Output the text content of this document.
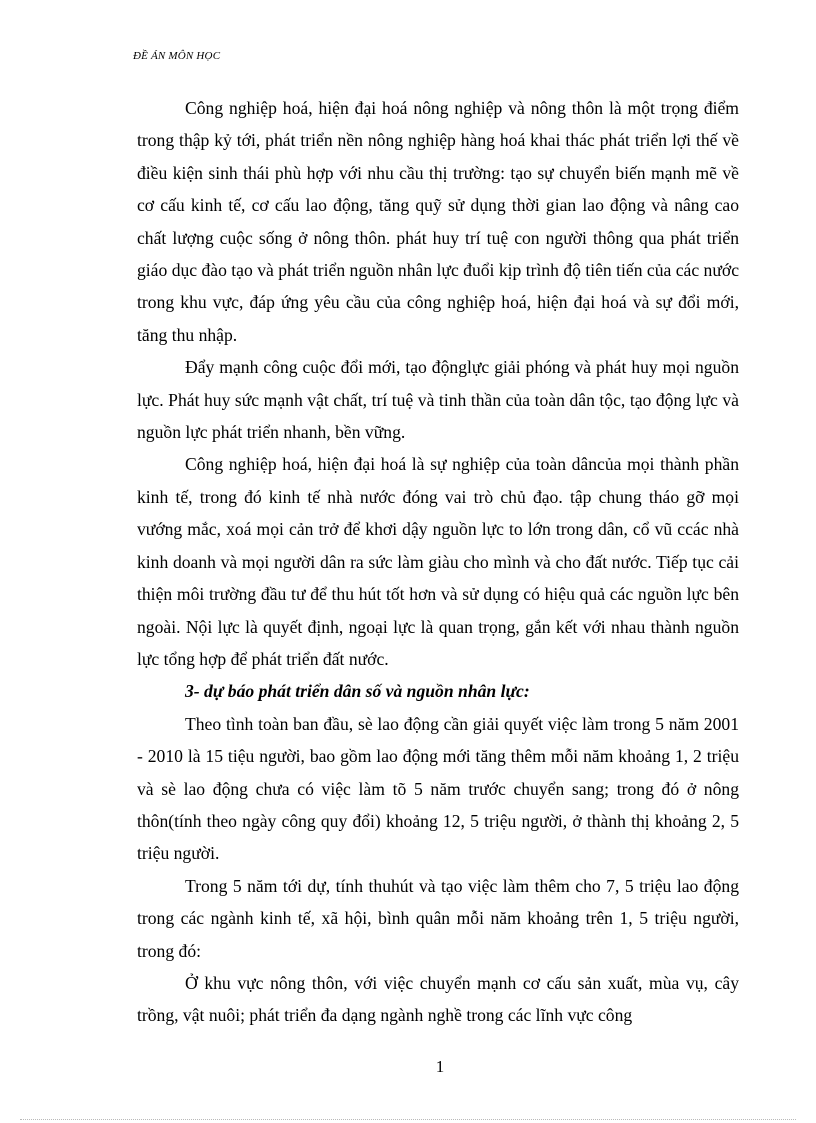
ĐỀ ÁN MÔN HỌC

Công nghiệp hoá, hiện đại hoá nông nghiệp và nông thôn là một trọng điểm trong thập kỷ tới, phát triển nền nông nghiệp hàng hoá khai thác phát triển lợi thế về điều kiện sinh thái phù hợp với nhu cầu thị trường: tạo sự chuyển biến mạnh mẽ về cơ cấu kinh tế, cơ cấu lao động, tăng quỹ sử dụng thời gian lao động và nâng cao chất lượng cuộc sống ở nông thôn. phát huy trí tuệ con người thông qua phát triển giáo dục đào tạo và phát triển nguồn nhân lực đuổi kịp trình độ tiên tiến của các nước trong khu vực, đáp ứng yêu cầu của công nghiệp hoá, hiện đại hoá và sự đổi mới, tăng thu nhập.

Đẩy mạnh công cuộc đổi mới, tạo độnglực giải phóng và phát huy mọi nguồn lực. Phát huy sức mạnh vật chất, trí tuệ và tinh thần của toàn dân tộc, tạo động lực và nguồn lực phát triển nhanh, bền vững.

Công nghiệp hoá, hiện đại hoá là sự nghiệp của toàn dâncủa mọi thành phần kinh tế, trong đó kinh tế nhà nước đóng vai trò chủ đạo. tập chung tháo gỡ mọi vướng mắc, xoá mọi cản trở để khơi dậy nguồn lực to lớn trong dân, cổ vũ ccác nhà kinh doanh và mọi người dân ra sức làm giàu cho mình và cho đất nước. Tiếp tục cải thiện môi trường đầu tư để thu hút tốt hơn và sử dụng có hiệu quả các nguồn lực bên ngoài. Nội lực là quyết định, ngoại lực là quan trọng, gắn kết với nhau thành nguồn lực tổng hợp để phát triển đất nước.

3- dự báo phát triển dân số và nguồn nhân lực:

Theo tình toàn ban đầu, sè lao động cần giải quyết việc làm trong 5 năm 2001 - 2010 là 15 tiệu người, bao gồm lao động mới tăng thêm mỗi năm khoảng 1, 2 triệu và sè lao động chưa có việc làm tõ 5 năm trước chuyển sang; trong đó ở nông thôn(tính theo ngày công quy đổi) khoảng 12, 5 triệu người, ở thành thị khoảng 2, 5 triệu người.

Trong 5 năm tới dự, tính thuhút và tạo việc làm thêm cho 7, 5 triệu lao động trong các ngành kinh tế, xã hội, bình quân mỗi năm khoảng trên 1, 5 triệu người, trong đó:

Ở khu vực nông thôn, với việc chuyển mạnh cơ cấu sản xuất, mùa vụ, cây trồng, vật nuôi; phát triển đa dạng ngành nghề trong các lĩnh vực công

1
